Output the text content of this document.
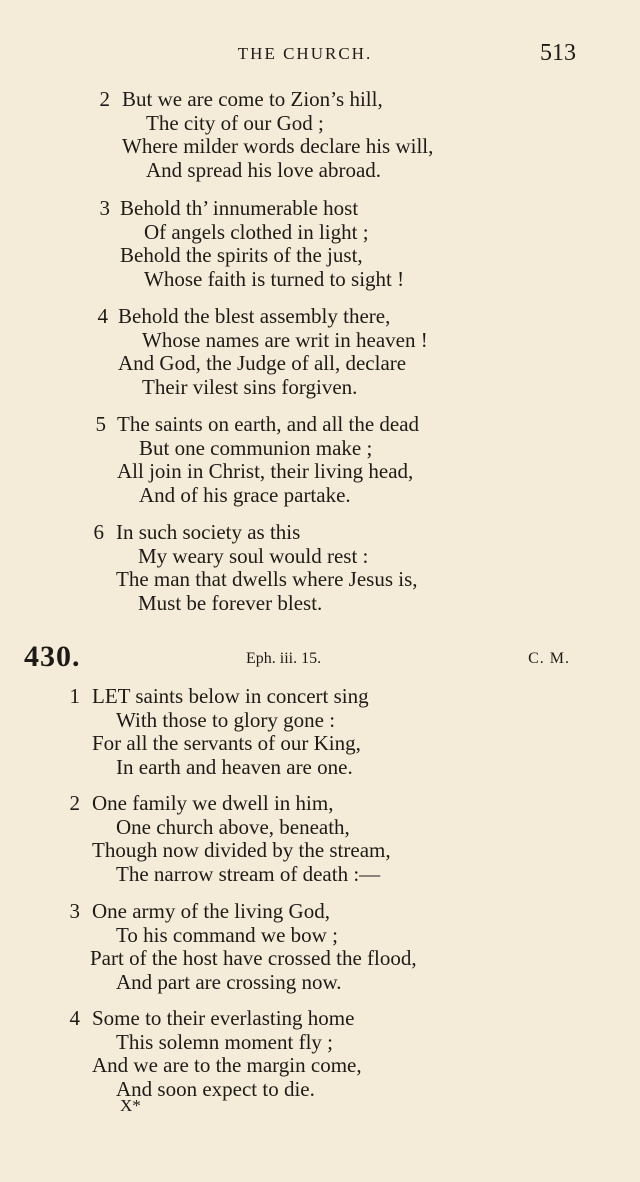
THE CHURCH.	513
2 But we are come to Zion’s hill,
The city of our God ;
Where milder words declare his will,
And spread his love abroad.
3 Behold th’ innumerable host
Of angels clothed in light ;
Behold the spirits of the just,
Whose faith is turned to sight !
4 Behold the blest assembly there,
Whose names are writ in heaven !
And God, the Judge of all, declare
Their vilest sins forgiven.
5 The saints on earth, and all the dead
But one communion make ;
All join in Christ, their living head,
And of his grace partake.
6 In such society as this
My weary soul would rest :
The man that dwells where Jesus is,
Must be forever blest.
430.	Eph. iii. 15.	C. M.
1 LET saints below in concert sing
With those to glory gone :
For all the servants of our King,
In earth and heaven are one.
2 One family we dwell in him,
One church above, beneath,
Though now divided by the stream,
The narrow stream of death :—
3 One army of the living God,
To his command we bow ;
Part of the host have crossed the flood,
And part are crossing now.
4 Some to their everlasting home
This solemn moment fly ;
And we are to the margin come,
And soon expect to die.
X*
